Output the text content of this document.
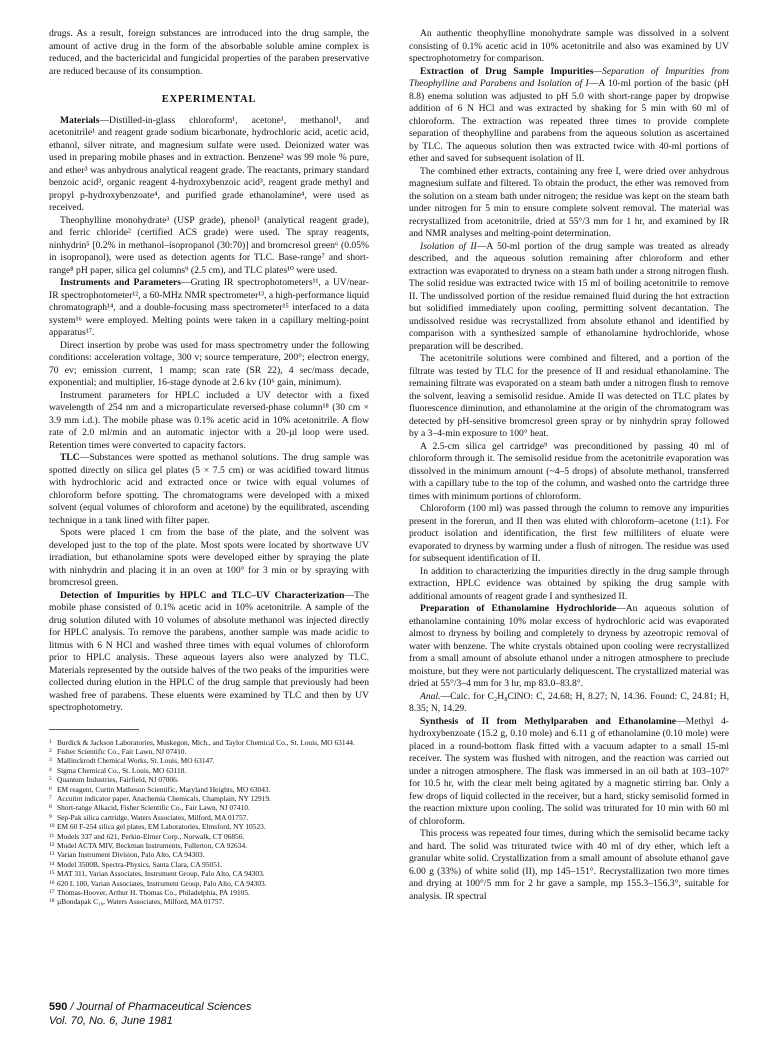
drugs. As a result, foreign substances are introduced into the drug sample, the amount of active drug in the form of the absorbable soluble amine complex is reduced, and the bactericidal and fungicidal properties of the paraben preservative are reduced because of its consumption.

EXPERIMENTAL

Materials—Distilled-in-glass chloroform¹, acetone¹, methanol¹, and acetonitrile¹ and reagent grade sodium bicarbonate, hydrochloric acid, acetic acid, ethanol, silver nitrate, and magnesium sulfate were used. Deionized water was used in preparing mobile phases and in extraction. Benzene² was 99 mole % pure, and ether³ was anhydrous analytical reagent grade. The reactants, primary standard benzoic acid³, organic reagent 4-hydroxybenzoic acid³, reagent grade methyl and propyl p-hydroxybenzoate⁴, and purified grade ethanolamine⁴, were used as received.

Theophylline monohydrate³ (USP grade), phenol³ (analytical reagent grade), and ferric chloride² (certified ACS grade) were used. The spray reagents, ninhydrin⁵ [0.2% in methanol–isopropanol (30:70)] and bromcresol green⁶ (0.05% in isopropanol), were used as detection agents for TLC. Base-range⁷ and short-range⁸ pH paper, silica gel columns⁹ (2.5 cm), and TLC plates¹⁰ were used.

Instruments and Parameters—Grating IR spectrophotometers¹¹, a UV/near-IR spectrophotometer¹², a 60-MHz NMR spectrometer¹³, a high-performance liquid chromatograph¹⁴, and a double-focusing mass spectrometer¹⁵ interfaced to a data system¹⁶ were employed. Melting points were taken in a capillary melting-point apparatus¹⁷.

Direct insertion by probe was used for mass spectrometry under the following conditions: acceleration voltage, 300 v; source temperature, 200°; electron energy, 70 ev; emission current, 1 mamp; scan rate (SR 22), 4 sec/mass decade, exponential; and multiplier, 16-stage dynode at 2.6 kv (10⁶ gain, minimum).

Instrument parameters for HPLC included a UV detector with a fixed wavelength of 254 nm and a microparticulate reversed-phase column¹⁸ (30 cm × 3.9 mm i.d.). The mobile phase was 0.1% acetic acid in 10% acetonitrile. A flow rate of 2.0 ml/min and an automatic injector with a 20-µl loop were used. Retention times were converted to capacity factors.

TLC—Substances were spotted as methanol solutions. The drug sample was spotted directly on silica gel plates (5 × 7.5 cm) or was acidified toward litmus with hydrochloric acid and extracted once or twice with equal volumes of chloroform before spotting. The chromatograms were developed with a mixed solvent (equal volumes of chloroform and acetone) by the equilibrated, ascending technique in a tank lined with filter paper.

Spots were placed 1 cm from the base of the plate, and the solvent was developed just to the top of the plate. Most spots were located by shortwave UV irradiation, but ethanolamine spots were developed either by spraying the plate with ninhydrin and placing it in an oven at 100° for 3 min or by spraying with bromcresol green.

Detection of Impurities by HPLC and TLC–UV Characterization—The mobile phase consisted of 0.1% acetic acid in 10% acetonitrile. A sample of the drug solution diluted with 10 volumes of absolute methanol was injected directly for HPLC analysis. To remove the parabens, another sample was made acidic to litmus with 6 N HCl and washed three times with equal volumes of chloroform prior to HPLC analysis. These aqueous layers also were analyzed by TLC. Materials represented by the outside halves of the two peaks of the impurities were collected during elution in the HPLC of the drug sample that previously had been washed free of parabens. These eluents were examined by TLC and then by UV spectrophotometry.

1 Burdick & Jackson Laboratories, Muskegon, Mich., and Taylor Chemical Co., St. Louis, MO 63144.

2 Fisher Scientific Co., Fair Lawn, NJ 07410.

3 Mallinckrodt Chemical Works, St. Louis, MO 63147.

4 Sigma Chemical Co., St. Louis, MO 63118.

5 Quantum Industries, Fairfield, NJ 07006.

6 EM reagent, Curtin Matheson Scientific, Maryland Heights, MO 63043.

7 Accutint indicator paper, Anachemia Chemicals, Champlain, NY 12919.

8 Short-range Alkacid, Fisher Scientific Co., Fair Lawn, NJ 07410.

9 Sep-Pak silica cartridge, Waters Associates, Milford, MA 01757.

10 EM 60 F-254 silica gel plates, EM Laboratories, Elmsford, NY 10523.

11 Models 337 and 621, Perkin-Elmer Corp., Norwalk, CT 06856.

12 Model ACTA MIV, Beckman Instruments, Fullerton, CA 92634.

13 Varian Instrument Division, Palo Alto, CA 94303.

14 Model 3500B, Spectra-Physics, Santa Clara, CA 95051.

15 MAT 311, Varian Associates, Instrument Group, Palo Alto, CA 94303.

16 620 L 100, Varian Associates, Instrument Group, Palo Alto, CA 94303.

17 Thomas-Hoover, Arthur H. Thomas Co., Philadelphia, PA 19105.

18 µBondapak C₁₈, Waters Associates, Milford, MA 01757.

An authentic theophylline monohydrate sample was dissolved in a solvent consisting of 0.1% acetic acid in 10% acetonitrile and also was examined by UV spectrophotometry for comparison.

Extraction of Drug Sample Impurities—Separation of Impurities from Theophylline and Parabens and Isolation of I—A 10-ml portion of the basic (pH 8.8) enema solution was adjusted to pH 5.0 with short-range paper by dropwise addition of 6 N HCl and was extracted by shaking for 5 min with 60 ml of chloroform. The extraction was repeated three times to provide complete separation of theophylline and parabens from the aqueous solution as ascertained by TLC. The aqueous solution then was extracted twice with 40-ml portions of ether and saved for subsequent isolation of II.

The combined ether extracts, containing any free I, were dried over anhydrous magnesium sulfate and filtered. To obtain the product, the ether was removed from the solution on a steam bath under nitrogen; the residue was kept on the steam bath under nitrogen for 5 min to ensure complete solvent removal. The material was recrystallized from acetonitrile, dried at 55°/3 mm for 1 hr, and examined by IR and NMR analyses and melting-point determination.

Isolation of II—A 50-ml portion of the drug sample was treated as already described, and the aqueous solution remaining after chloroform and ether extraction was evaporated to dryness on a steam bath under a strong nitrogen flush. The solid residue was extracted twice with 15 ml of boiling acetonitrile to remove II. The undissolved portion of the residue remained fluid during the hot extraction but solidified immediately upon cooling, permitting solvent decantation. The undissolved residue was recrystallized from absolute ethanol and identified by comparison with a synthesized sample of ethanolamine hydrochloride, whose preparation will be described.

The acetonitrile solutions were combined and filtered, and a portion of the filtrate was tested by TLC for the presence of II and residual ethanolamine. The remaining filtrate was evaporated on a steam bath under a nitrogen flush to remove the solvent, leaving a semisolid residue. Amide II was detected on TLC plates by fluorescence diminution, and ethanolamine at the origin of the chromatogram was detected by pH-sensitive bromcresol green spray or by ninhydrin spray followed by a 3–4-min exposure to 100° heat.

A 2.5-cm silica gel cartridge⁹ was preconditioned by passing 40 ml of chloroform through it. The semisolid residue from the acetonitrile evaporation was dissolved in the minimum amount (~4–5 drops) of absolute methanol, transferred with a capillary tube to the top of the column, and washed onto the cartridge three times with minimum portions of chloroform.

Chloroform (100 ml) was passed through the column to remove any impurities present in the forerun, and II then was eluted with chloroform–acetone (1:1). For product isolation and identification, the first few milliliters of eluate were evaporated to dryness by warming under a flush of nitrogen. The residue was used for subsequent identification of II.

In addition to characterizing the impurities directly in the drug sample through extraction, HPLC evidence was obtained by spiking the drug sample with additional amounts of reagent grade I and synthesized II.

Preparation of Ethanolamine Hydrochloride—An aqueous solution of ethanolamine containing 10% molar excess of hydrochloric acid was evaporated almost to dryness by boiling and completely to dryness by azeotropic removal of water with benzene. The white crystals obtained upon cooling were recrystallized from a small amount of absolute ethanol under a nitrogen atmosphere to preclude moisture, but they were not particularly deliquescent. The crystallized material was dried at 55°/3–4 mm for 3 hr, mp 83.0–83.8°.

Anal.—Calc. for C₂H₈ClNO: C, 24.68; H, 8.27; N, 14.36. Found: C, 24.81; H, 8.35; N, 14.29.

Synthesis of II from Methylparaben and Ethanolamine—Methyl 4-hydroxybenzoate (15.2 g, 0.10 mole) and 6.11 g of ethanolamine (0.10 mole) were placed in a round-bottom flask fitted with a vacuum adapter to a small 15-ml receiver. The system was flushed with nitrogen, and the reaction was carried out under a nitrogen atmosphere. The flask was immersed in an oil bath at 103–107° for 10.5 hr, with the clear melt being agitated by a magnetic stirring bar. Only a few drops of liquid collected in the receiver, but a hard, sticky semisolid formed in the reaction mixture upon cooling. The solid was triturated for 10 min with 60 ml of chloroform.

This process was repeated four times, during which the semisolid became tacky and hard. The solid was triturated twice with 40 ml of dry ether, which left a granular white solid. Crystallization from a small amount of absolute ethanol gave 6.00 g (33%) of white solid (II), mp 145–151°. Recrystallization two more times and drying at 100°/5 mm for 2 hr gave a sample, mp 155.3–156.3°, suitable for analysis. IR spectral

590 / Journal of Pharmaceutical Sciences
Vol. 70, No. 6, June 1981
